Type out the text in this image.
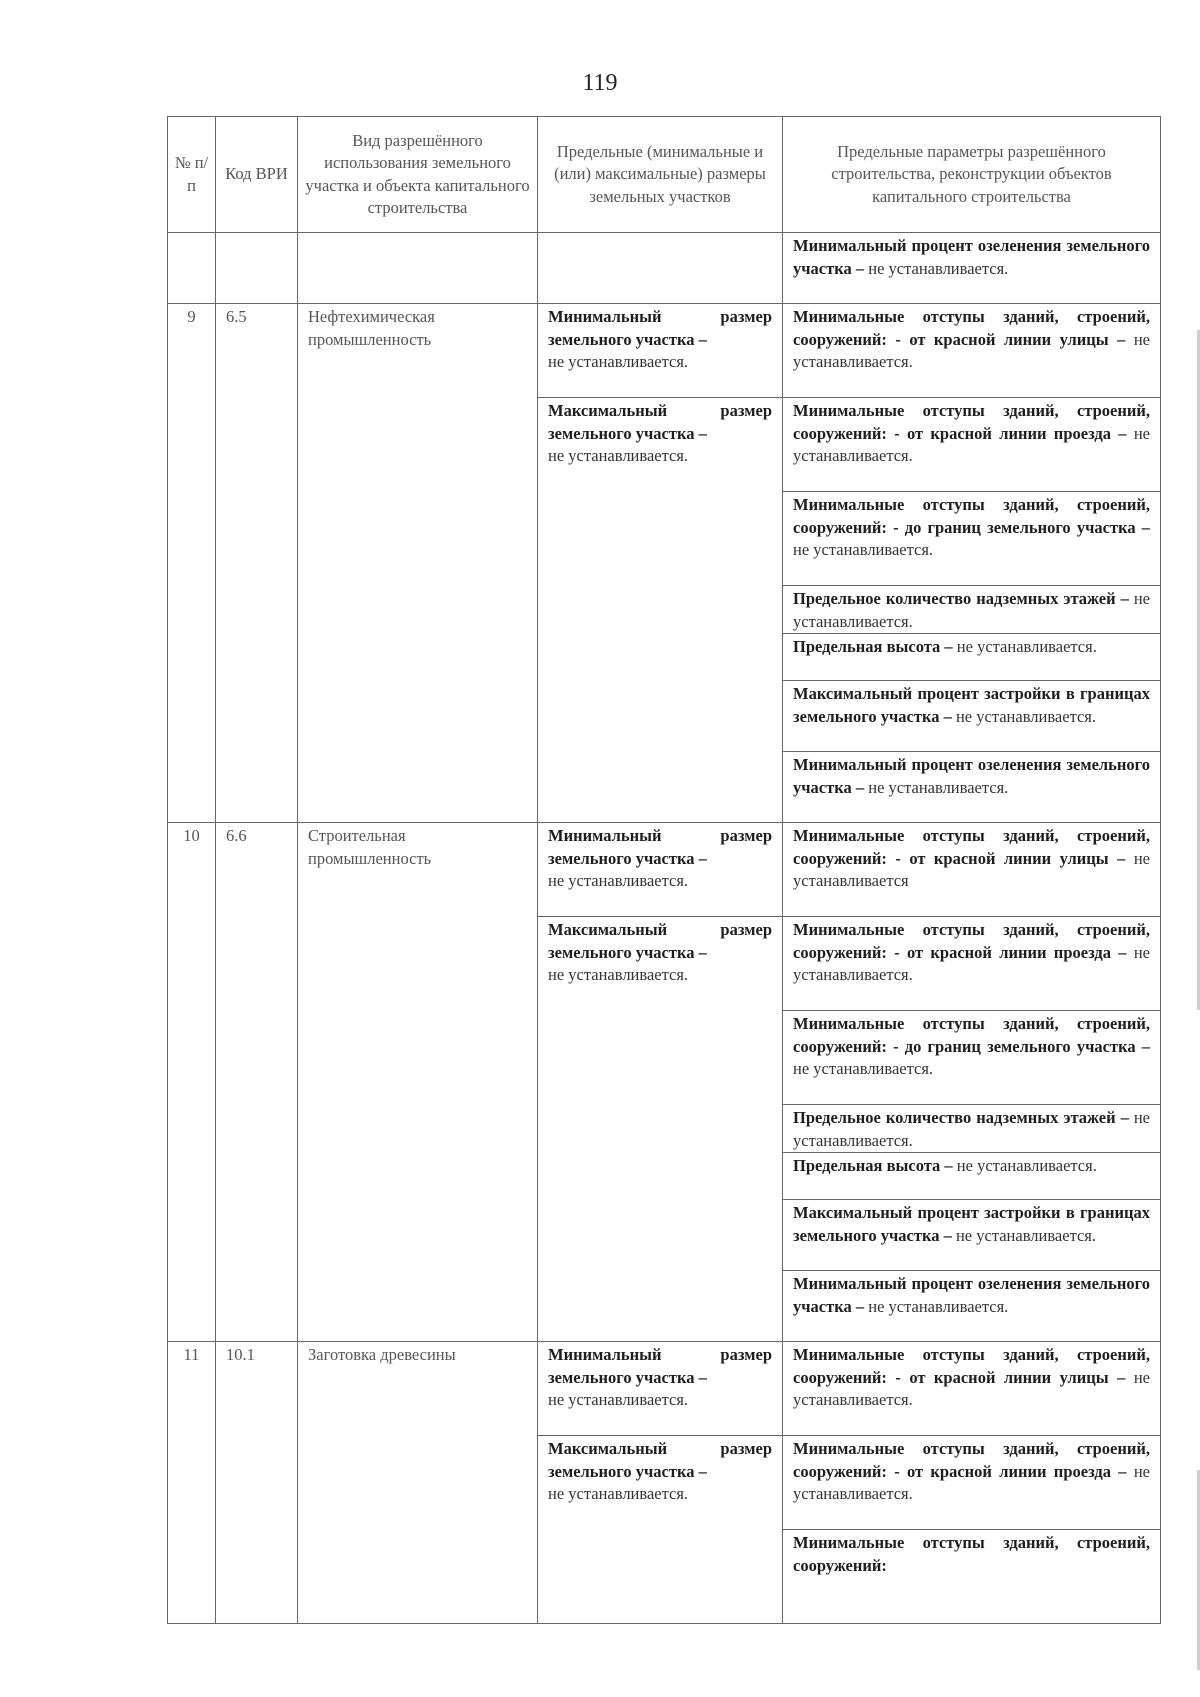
119
№ п/п	Код ВРИ	Вид разрешённого использования земельного участка и объекта капитального строительства	Предельные (минимальные и (или) максимальные) размеры земельных участков	Предельные параметры разрешённого строительства, реконструкции объектов капитального строительства
				Минимальный процент озеленения земельного участка – не устанавливается.
9	6.5	Нефтехимическая промышленность	Минимальный размер земельного участка –
не устанавливается.	Минимальные отступы зданий, строений, сооружений: - от красной линии улицы – не устанавливается.
			Максимальный размер земельного участка –
не устанавливается.	Минимальные отступы зданий, строений, сооружений: - от красной линии проезда – не устанавливается.
				Минимальные отступы зданий, строений, сооружений: - до границ земельного участка – не устанавливается.
				Предельное количество надземных этажей – не устанавливается.
				Предельная высота – не устанавливается.
				Максимальный процент застройки в границах земельного участка – не устанавливается.
				Минимальный процент озеленения земельного участка – не устанавливается.
10	6.6	Строительная промышленность	Минимальный размер земельного участка –
не устанавливается.	Минимальные отступы зданий, строений, сооружений: - от красной линии улицы – не устанавливается
			Максимальный размер земельного участка –
не устанавливается.	Минимальные отступы зданий, строений, сооружений: - от красной линии проезда – не устанавливается.
				Минимальные отступы зданий, строений, сооружений: - до границ земельного участка – не устанавливается.
				Предельное количество надземных этажей – не устанавливается.
				Предельная высота – не устанавливается.
				Максимальный процент застройки в границах земельного участка – не устанавливается.
				Минимальный процент озеленения земельного участка – не устанавливается.
11	10.1	Заготовка древесины	Минимальный размер земельного участка –
не устанавливается.	Минимальные отступы зданий, строений, сооружений: - от красной линии улицы – не устанавливается.
			Максимальный размер земельного участка –
не устанавливается.	Минимальные отступы зданий, строений, сооружений: - от красной линии проезда – не устанавливается.
				Минимальные отступы зданий, строений, сооружений:
